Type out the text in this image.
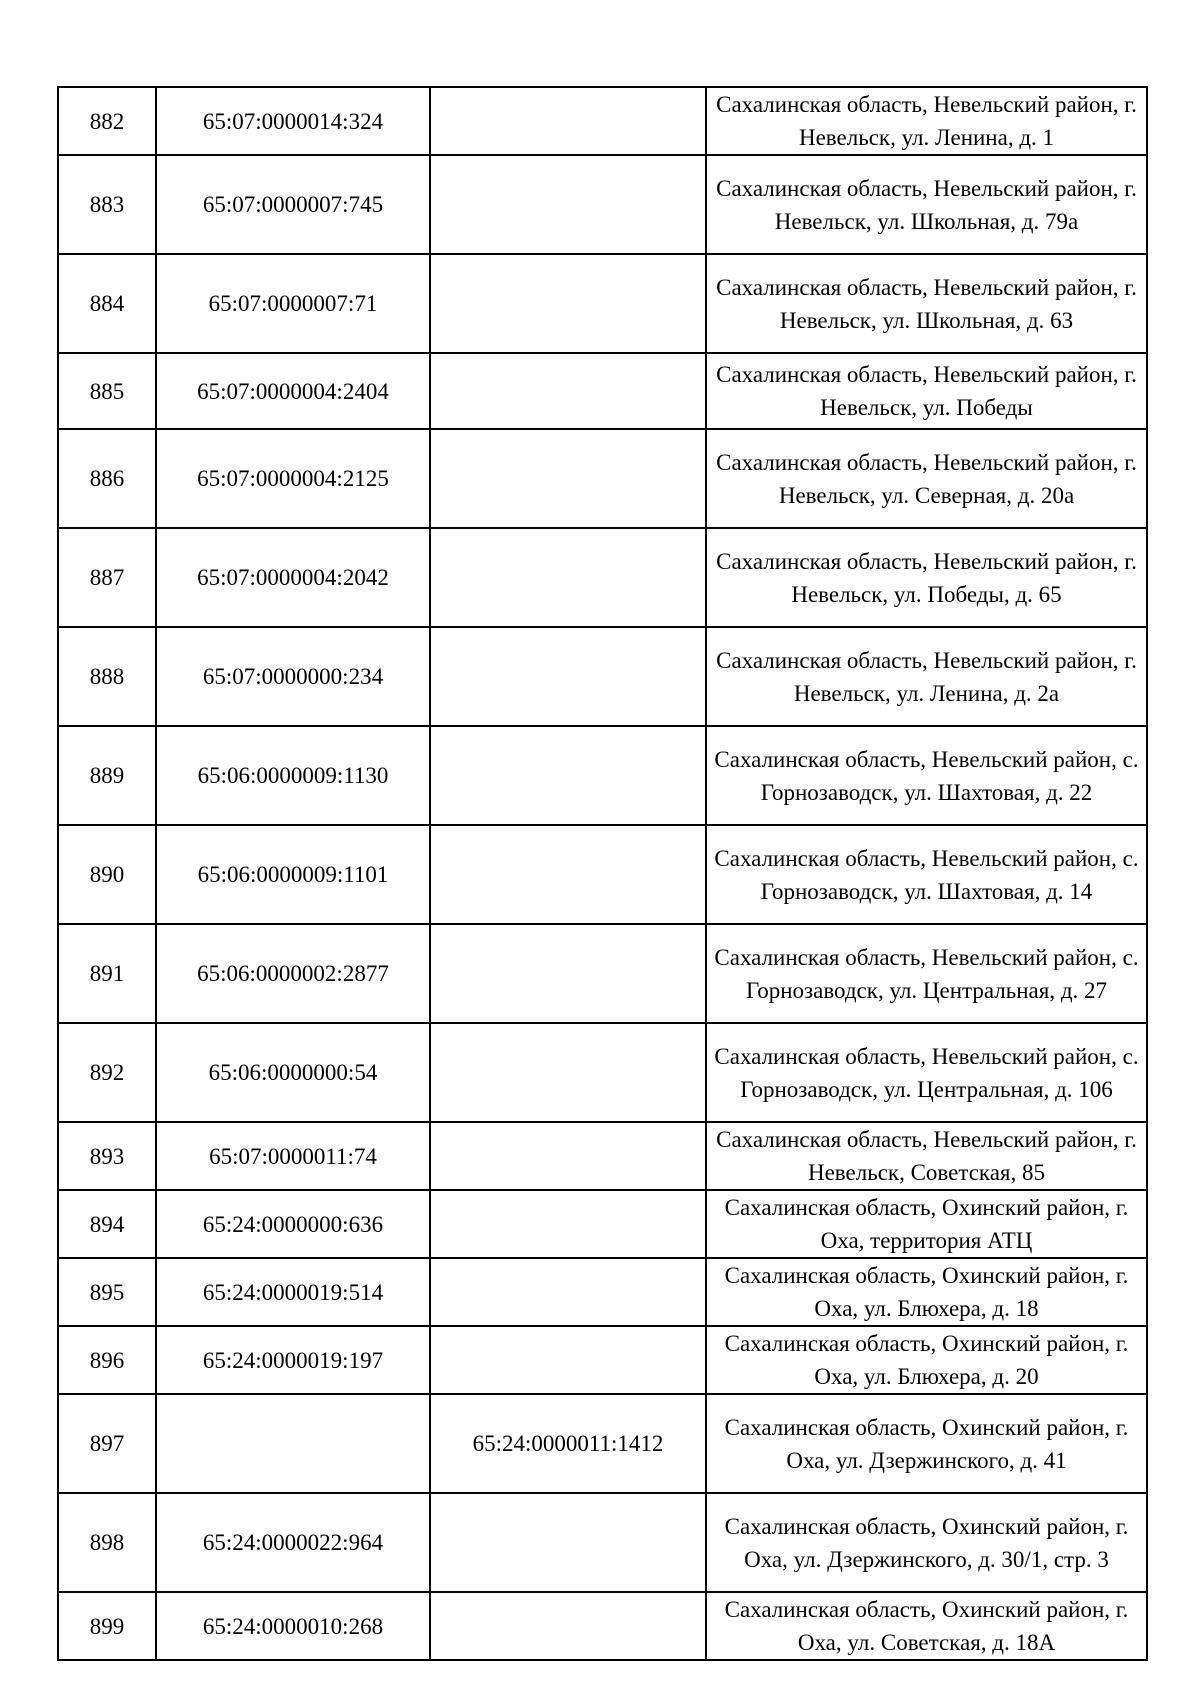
882	65:07:0000014:324		Сахалинская область, Невельский район, г. Невельск, ул. Ленина, д. 1
883	65:07:0000007:745		Сахалинская область, Невельский район, г. Невельск, ул. Школьная, д. 79а
884	65:07:0000007:71		Сахалинская область, Невельский район, г. Невельск, ул. Школьная, д. 63
885	65:07:0000004:2404		Сахалинская область, Невельский район, г. Невельск, ул. Победы
886	65:07:0000004:2125		Сахалинская область, Невельский район, г. Невельск, ул. Северная, д. 20а
887	65:07:0000004:2042		Сахалинская область, Невельский район, г. Невельск, ул. Победы, д. 65
888	65:07:0000000:234		Сахалинская область, Невельский район, г. Невельск, ул. Ленина, д. 2а
889	65:06:0000009:1130		Сахалинская область, Невельский район, с. Горнозаводск, ул. Шахтовая, д. 22
890	65:06:0000009:1101		Сахалинская область, Невельский район, с. Горнозаводск, ул. Шахтовая, д. 14
891	65:06:0000002:2877		Сахалинская область, Невельский район, с. Горнозаводск, ул. Центральная, д. 27
892	65:06:0000000:54		Сахалинская область, Невельский район, с. Горнозаводск, ул. Центральная, д. 106
893	65:07:0000011:74		Сахалинская область, Невельский район, г. Невельск, Советская, 85
894	65:24:0000000:636		Сахалинская область, Охинский район, г. Оха, территория АТЦ
895	65:24:0000019:514		Сахалинская область, Охинский район, г. Оха, ул. Блюхера, д. 18
896	65:24:0000019:197		Сахалинская область, Охинский район, г. Оха, ул. Блюхера, д. 20
897		65:24:0000011:1412	Сахалинская область, Охинский район, г. Оха, ул. Дзержинского, д. 41
898	65:24:0000022:964		Сахалинская область, Охинский район, г. Оха, ул. Дзержинского, д. 30/1, стр. 3
899	65:24:0000010:268		Сахалинская область, Охинский район, г. Оха, ул. Советская, д. 18А
